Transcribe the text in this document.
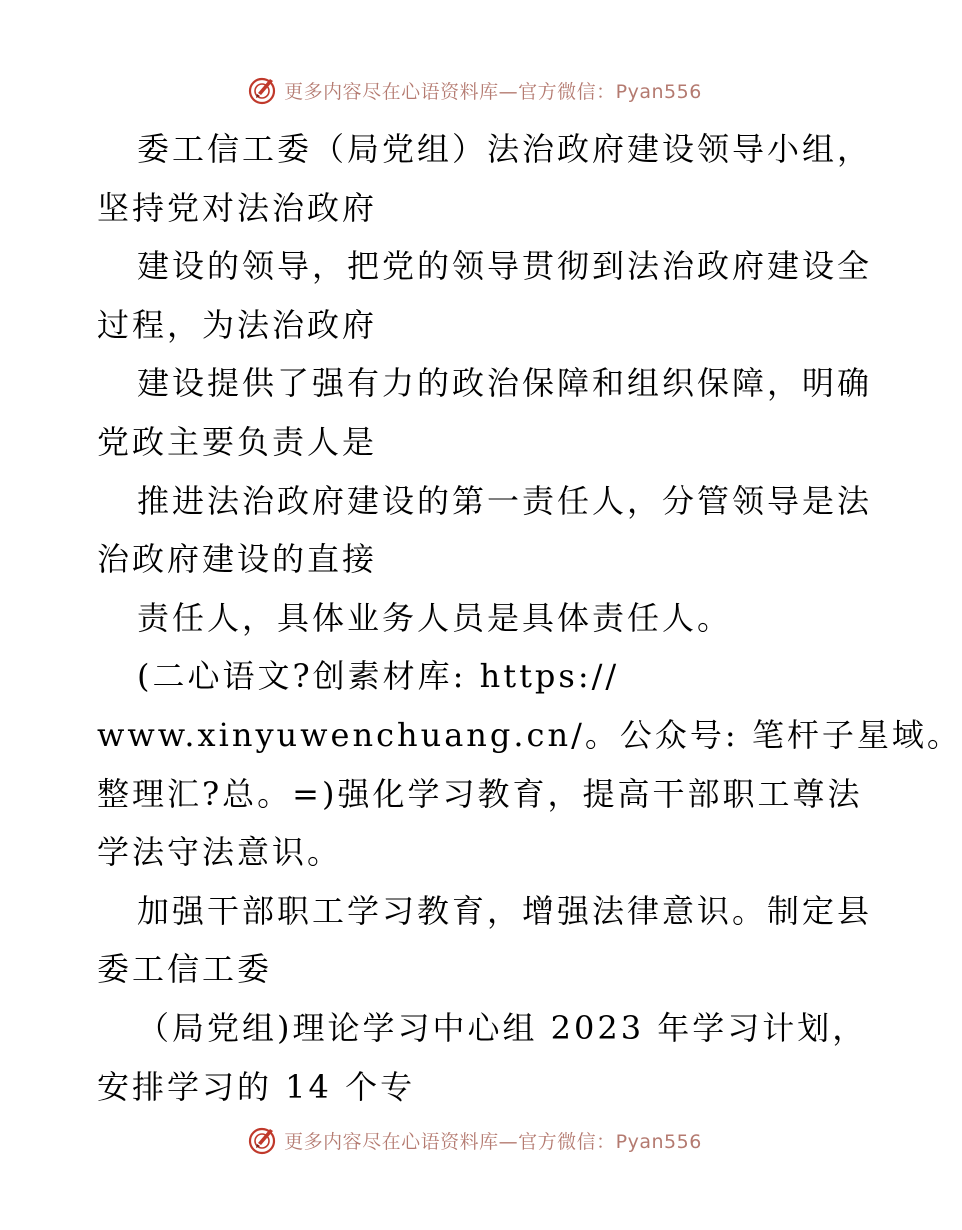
更多内容尽在心语资料库—官方微信：Pyan556
委工信工委（局党组）法治政府建设领导小组，
坚持党对法治政府
建设的领导，把党的领导贯彻到法治政府建设全
过程，为法治政府
建设提供了强有力的政治保障和组织保障，明确
党政主要负责人是
推进法治政府建设的第一责任人，分管领导是法
治政府建设的直接
责任人，具体业务人员是具体责任人。
(二心语文?创素材库: https://
www.xinyuwenchuang.cn/。公众号: 笔杆子星域。
整理汇?总。=)强化学习教育，提高干部职工尊法
学法守法意识。
加强干部职工学习教育，增强法律意识。制定县
委工信工委
（局党组)理论学习中心组 2023 年学习计划，
安排学习的 14 个专
更多内容尽在心语资料库—官方微信：Pyan556
